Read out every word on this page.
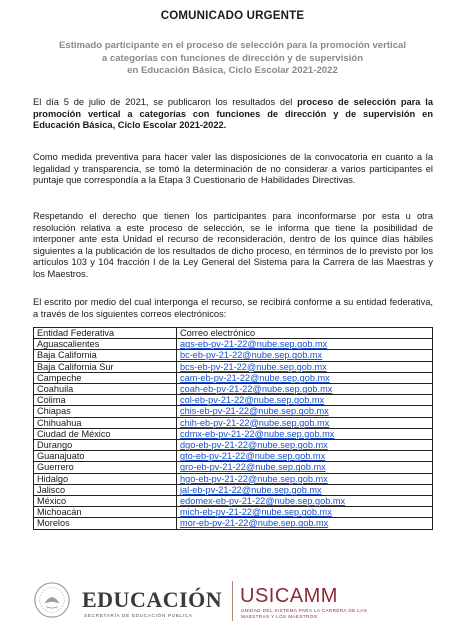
COMUNICADO URGENTE
Estimado participante en el proceso de selección para la promoción vertical
a categorías con funciones de dirección y de supervisión
en Educación Básica, Ciclo Escolar 2021-2022
El día 5 de julio de 2021, se publicaron los resultados del proceso de selección para la promoción vertical a categorías con funciones de dirección y de supervisión en Educación Básica, Ciclo Escolar 2021-2022.
Como medida preventiva para hacer valer las disposiciones de la convocatoria en cuanto a la legalidad y transparencia, se tomó la determinación de no considerar a varios participantes el puntaje que correspondía a la Etapa 3 Cuestionario de Habilidades Directivas.
Respetando el derecho que tienen los participantes para inconformarse por esta u otra resolución relativa a este proceso de selección, se le informa que tiene la posibilidad de interponer ante esta Unidad el recurso de reconsideración, dentro de los quince días hábiles siguientes a la publicación de los resultados de dicho proceso, en términos de lo previsto por los artículos 103 y 104 fracción I de la Ley General del Sistema para la Carrera de las Maestras y los Maestros.
El escrito por medio del cual interponga el recurso, se recibirá conforme a su entidad federativa, a través de los siguientes correos electrónicos:
Entidad Federativa	Correo electrónico
Aguascalientes	ags-eb-pv-21-22@nube.sep.gob.mx
Baja California	bc-eb-pv-21-22@nube.sep.gob.mx
Baja California Sur	bcs-eb-pv-21-22@nube.sep.gob.mx
Campeche	cam-eb-pv-21-22@nube.sep.gob.mx
Coahuila	coah-eb-pv-21-22@nube.sep.gob.mx
Colima	col-eb-pv-21-22@nube.sep.gob.mx
Chiapas	chis-eb-pv-21-22@nube.sep.gob.mx
Chihuahua	chih-eb-pv-21-22@nube.sep.gob.mx
Ciudad de México	cdmx-eb-pv-21-22@nube.sep.gob.mx
Durango	dgo-eb-pv-21-22@nube.sep.gob.mx
Guanajuato	gto-eb-pv-21-22@nube.sep.gob.mx
Guerrero	gro-eb-pv-21-22@nube.sep.gob.mx
Hidalgo	hgo-eb-pv-21-22@nube.sep.gob.mx
Jalisco	jal-eb-pv-21-22@nube.sep.gob.mx
México	edomex-eb-pv-21-22@nube.sep.gob.mx
Michoacán	mich-eb-pv-21-22@nube.sep.gob.mx
Morelos	mor-eb-pv-21-22@nube.sep.gob.mx
EDUCACIÓN
SECRETARÍA DE EDUCACIÓN PÚBLICA
USICAMM
UNIDAD DEL SISTEMA PARA LA CARRERA DE LAS MAESTRAS Y LOS MAESTROS
